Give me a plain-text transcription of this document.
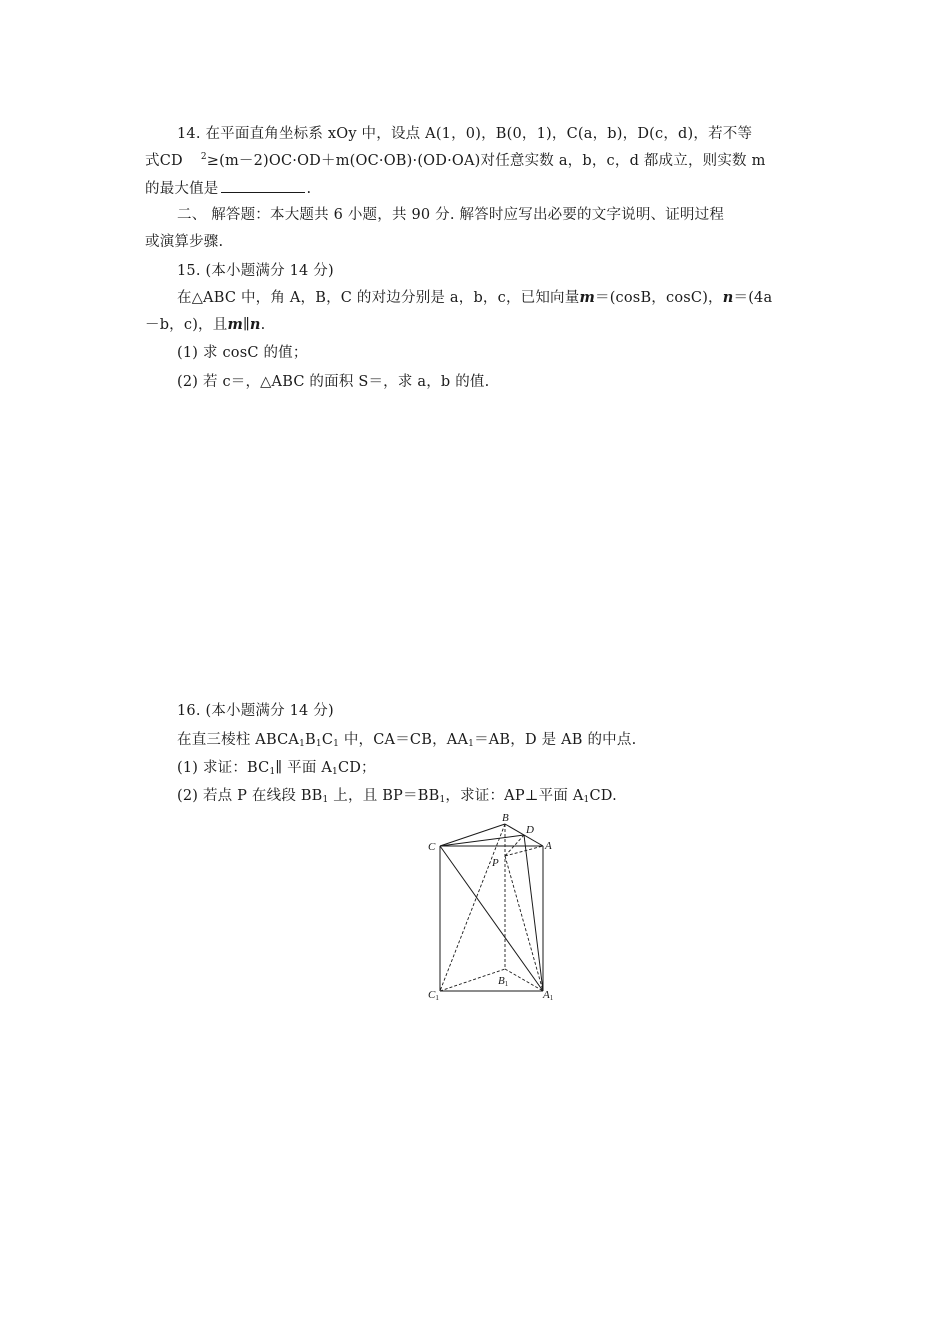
14. 在平面直角坐标系 xOy 中，设点 A(1，0)，B(0，1)，C(a，b)，D(c，d)，若不等
式CD $^2$≥(m－2)OC·OD＋m(OC·OB)·(OD·OA)对任意实数 a，b，c，d 都成立，则实数 m
的最大值是	.
二、 解答题：本大题共 6 小题，共 90 分. 解答时应写出必要的文字说明、证明过程
或演算步骤.
15. (本小题满分 14 分)
在△ABC 中，角 A，B，C 的对边分别是 a，b，c，已知向量m＝(cosB，cosC)，n＝(4a
－b，c)，且m∥n.
(1) 求 cosC 的值；
(2) 若 c＝，△ABC 的面积 S＝，求 a，b 的值.
16. (本小题满分 14 分)
在直三棱柱 $ABCA_1B_1C_1$ 中，CA＝CB，$AA_1=AB$，D 是 AB 的中点.
(1) 求证：$BC_1\parallel$ 平面 $A_1CD$；
(2) 若点 P 在线段 $BB_1$ 上，且 $BP=BB_1$，求证：AP⊥平面 $A_1CD$.
B
D
C	A
P
C1
B1
A1
